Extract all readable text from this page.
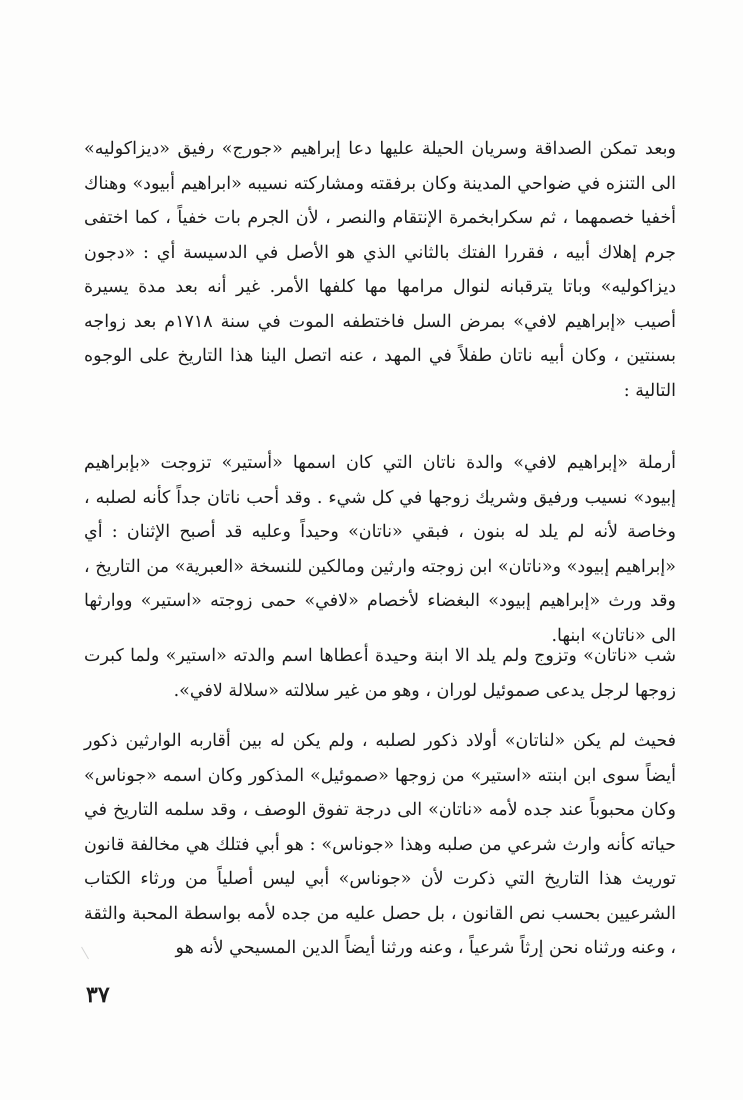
وبعد تمكن الصداقة وسريان الحيلة عليها دعا إبراهيم «جورج» رفيق «ديزاكوليه» الى التنزه في ضواحي المدينة وكان برفقته ومشاركته نسيبه «ابراهيم أبيود» وهناك أخفيا خصمهما ، ثم سكرابخمرة الإنتقام والنصر ، لأن الجرم بات خفياً ، كما اختفى جرم إهلاك أبيه ، فقررا الفتك بالثاني الذي هو الأصل في الدسيسة أي : «دجون ديزاكوليه» وباتا يترقبانه لنوال مرامها مها كلفها الأمر. غير أنه بعد مدة يسيرة أصيب «إبراهيم لافي» بمرض السل فاختطفه الموت في سنة ١٧١٨م بعد زواجه بسنتين ، وكان أبيه ناتان طفلاً في المهد ، عنه اتصل الينا هذا التاريخ على الوجوه التالية :

أرملة «إبراهيم لافي» والدة ناتان التي كان اسمها «أستير» تزوجت «بإبراهيم إبيود» نسيب ورفيق وشريك زوجها في كل شيء . وقد أحب ناتان جداً كأنه لصلبه ، وخاصة لأنه لم يلد له بنون ، فبقي «ناتان» وحيداً وعليه قد أصبح الإثنان : أي «إبراهيم إبيود» و«ناتان» ابن زوجته وارثين ومالكين للنسخة «العبرية» من التاريخ ، وقد ورث «إبراهيم إبيود» البغضاء لأخصام «لافي» حمى زوجته «استير» ووارثها الى «ناتان» ابنها.

شب «ناتان» وتزوج ولم يلد الا ابنة وحيدة أعطاها اسم والدته «استير» ولما كبرت زوجها لرجل يدعى صموئيل لوران ، وهو من غير سلالته «سلالة لافي».

فحيث لم يكن «لناتان» أولاد ذكور لصلبه ، ولم يكن له بين أقاربه الوارثين ذكور أيضاً سوى ابن ابنته «استير» من زوجها «صموئيل» المذكور وكان اسمه «جوناس» وكان محبوباً عند جده لأمه «ناتان» الى درجة تفوق الوصف ، وقد سلمه التاريخ في حياته كأنه وارث شرعي من صلبه وهذا «جوناس» : هو أبي فتلك هي مخالفة قانون توريث هذا التاريخ التي ذكرت لأن «جوناس» أبي ليس أصلياً من ورثاء الكتاب الشرعيين بحسب نص القانون ، بل حصل عليه من جده لأمه بواسطة المحبة والثقة ، وعنه ورثناه نحن إرثاً شرعياً ، وعنه ورثنا أيضاً الدين المسيحي لأنه هو

٣٧
